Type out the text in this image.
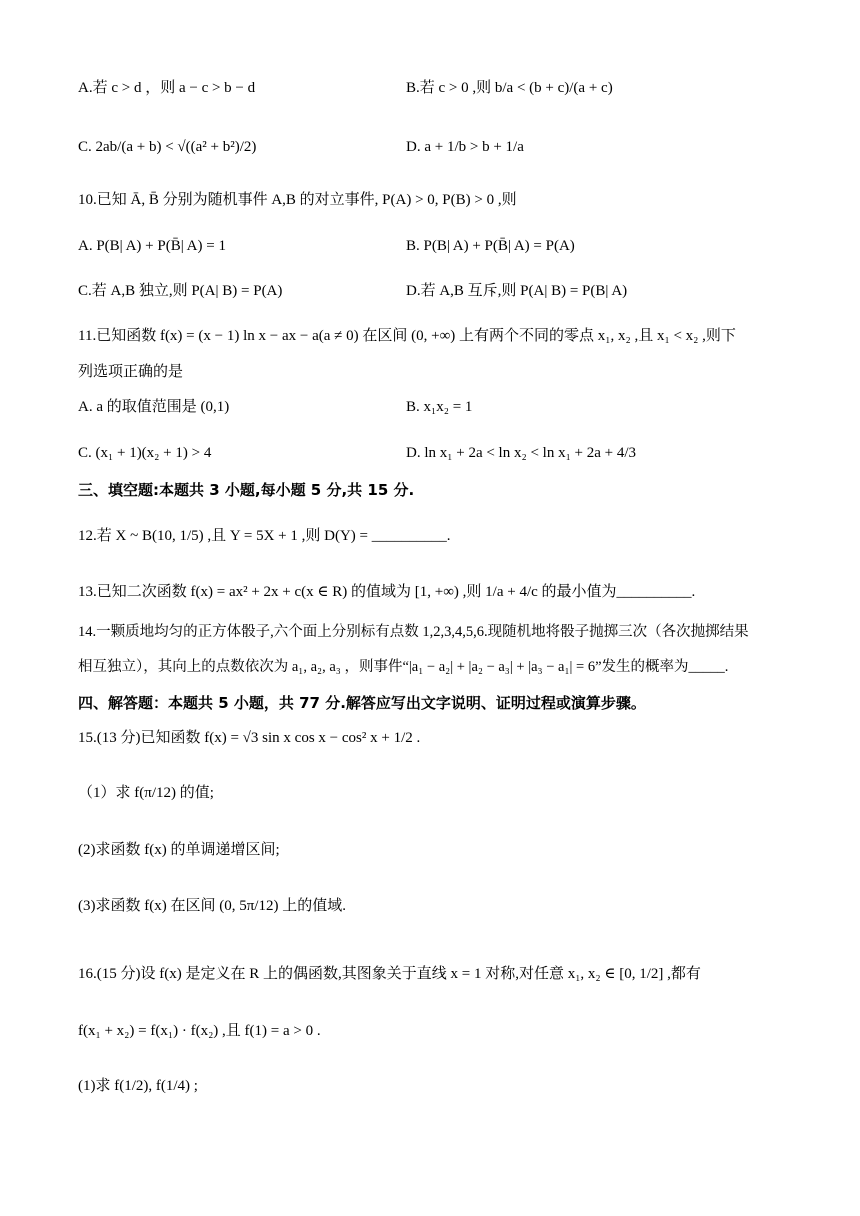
A.若 c > d ，则 a − c > b − d	B.若 c > 0 ,则 b/a < (b + c)/(a + c)
C. 2ab/(a + b) < √((a² + b²)/2)	D. a + 1/b > b + 1/a
10.已知 Ā, B̄ 分别为随机事件 A,B 的对立事件, P(A) > 0, P(B) > 0 ,则
A. P(B| A) + P(B̄| A) = 1	B. P(B| A) + P(B̄| A) = P(A)
C.若 A,B 独立,则 P(A| B) = P(A)	D.若 A,B 互斥,则 P(A| B) = P(B| A)
11.已知函数 f(x) = (x − 1) ln x − ax − a(a ≠ 0) 在区间 (0, +∞) 上有两个不同的零点 x₁, x₂ ,且 x₁ < x₂ ,则下
列选项正确的是
A. a 的取值范围是 (0,1)	B. x₁x₂ = 1
C. (x₁ + 1)(x₂ + 1) > 4	D. ln x₁ + 2a < ln x₂ < ln x₁ + 2a + 4/3
三、填空题:本题共 3 小题,每小题 5 分,共 15 分.
12.若 X ~ B(10, 1/5) ,且 Y = 5X + 1 ,则 D(Y) = __________.
13.已知二次函数 f(x) = ax² + 2x + c(x ∈ R) 的值域为 [1, +∞) ,则 1/a + 4/c 的最小值为__________.
14.一颗质地均匀的正方体骰子,六个面上分别标有点数 1,2,3,4,5,6.现随机地将骰子抛掷三次（各次抛掷结果
相互独立），其向上的点数依次为 a₁, a₂, a₃ ，则事件“|a₁ − a₂| + |a₂ − a₃| + |a₃ − a₁| = 6”发生的概率为_____.
四、解答题：本题共 5 小题，共 77 分.解答应写出文字说明、证明过程或演算步骤。
15.(13 分)已知函数 f(x) = √3 sin x cos x − cos² x + 1/2 .
（1）求 f(π/12) 的值;
(2)求函数 f(x) 的单调递增区间;
(3)求函数 f(x) 在区间 (0, 5π/12) 上的值域.
16.(15 分)设 f(x) 是定义在 R 上的偶函数,其图象关于直线 x = 1 对称,对任意 x₁, x₂ ∈ [0, 1/2] ,都有
f(x₁ + x₂) = f(x₁) · f(x₂) ,且 f(1) = a > 0 .
(1)求 f(1/2), f(1/4) ;
